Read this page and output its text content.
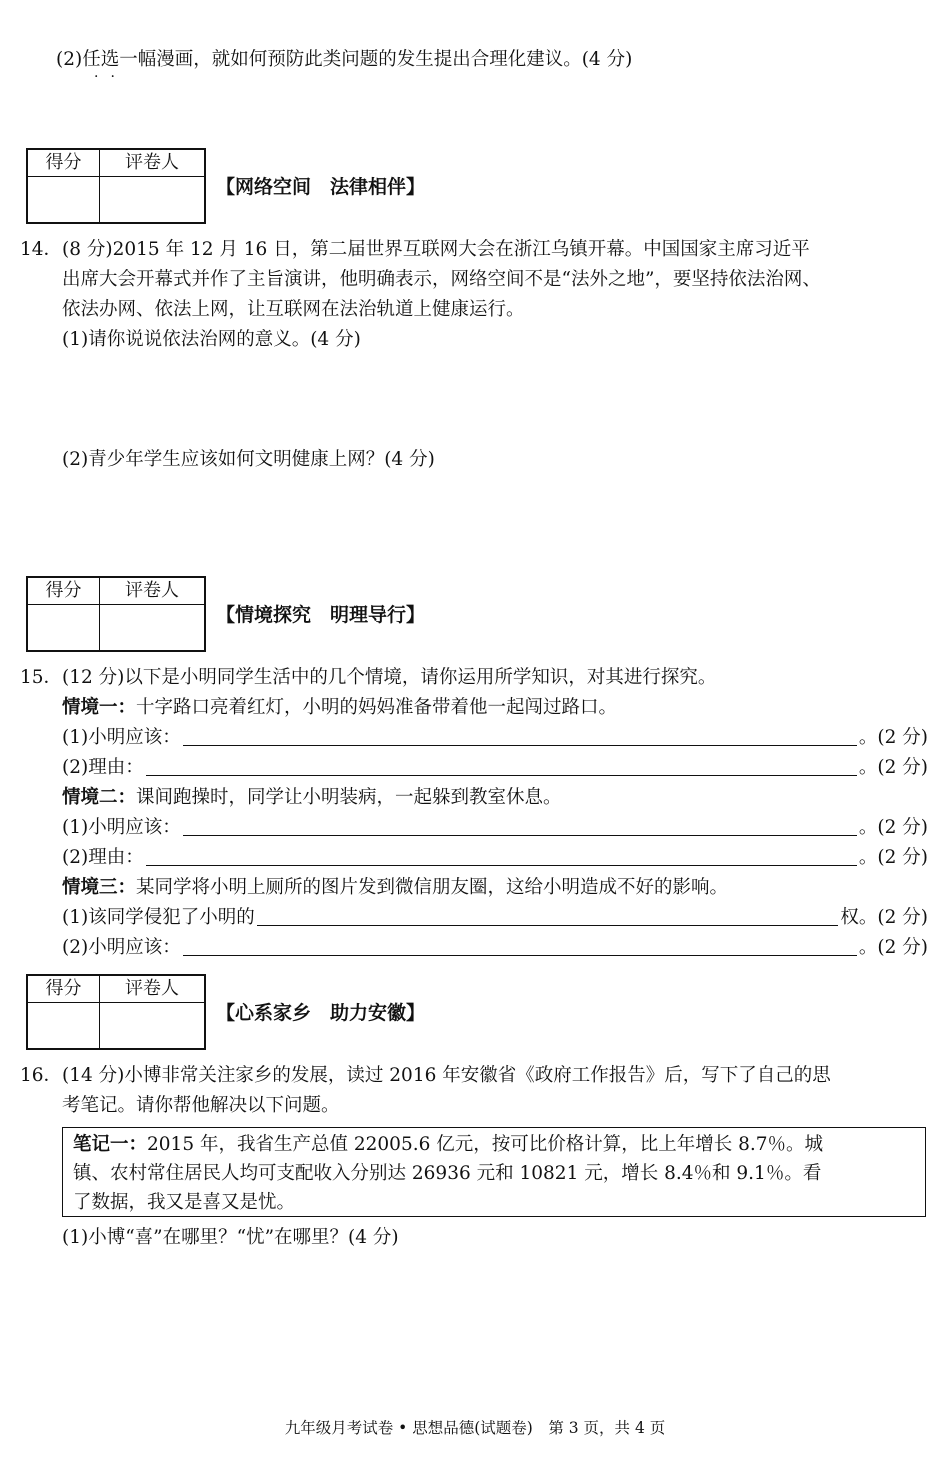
(2)任选一幅漫画，就如何预防此类问题的发生提出合理化建议。(4 分)
··
得分	评卷人
【网络空间　法律相伴】
14．(8 分)2015 年 12 月 16 日，第二届世界互联网大会在浙江乌镇开幕。中国国家主席习近平
出席大会开幕式并作了主旨演讲，他明确表示，网络空间不是“法外之地”，要坚持依法治网、
依法办网、依法上网，让互联网在法治轨道上健康运行。
(1)请你说说依法治网的意义。(4 分)
(2)青少年学生应该如何文明健康上网？(4 分)
得分	评卷人
【情境探究　明理导行】
15．(12 分)以下是小明同学生活中的几个情境，请你运用所学知识，对其进行探究。
情境一：十字路口亮着红灯，小明的妈妈准备带着他一起闯过路口。
(1)小明应该：	。(2 分)
(2)理由：	。(2 分)
情境二：课间跑操时，同学让小明装病，一起躲到教室休息。
(1)小明应该：	。(2 分)
(2)理由：	。(2 分)
情境三：某同学将小明上厕所的图片发到微信朋友圈，这给小明造成不好的影响。
(1)该同学侵犯了小明的	权。(2 分)
(2)小明应该：	。(2 分)
得分	评卷人
【心系家乡　助力安徽】
16．(14 分)小博非常关注家乡的发展，读过 2016 年安徽省《政府工作报告》后，写下了自己的思
考笔记。请你帮他解决以下问题。
笔记一：2015 年，我省生产总值 22005.6 亿元，按可比价格计算，比上年增长 8.7％。城
镇、农村常住居民人均可支配收入分别达 26936 元和 10821 元，增长 8.4％和 9.1％。看
了数据，我又是喜又是忧。
(1)小博“喜”在哪里？“忧”在哪里？(4 分)
九年级月考试卷 • 思想品德(试题卷)　第 3 页，共 4 页
